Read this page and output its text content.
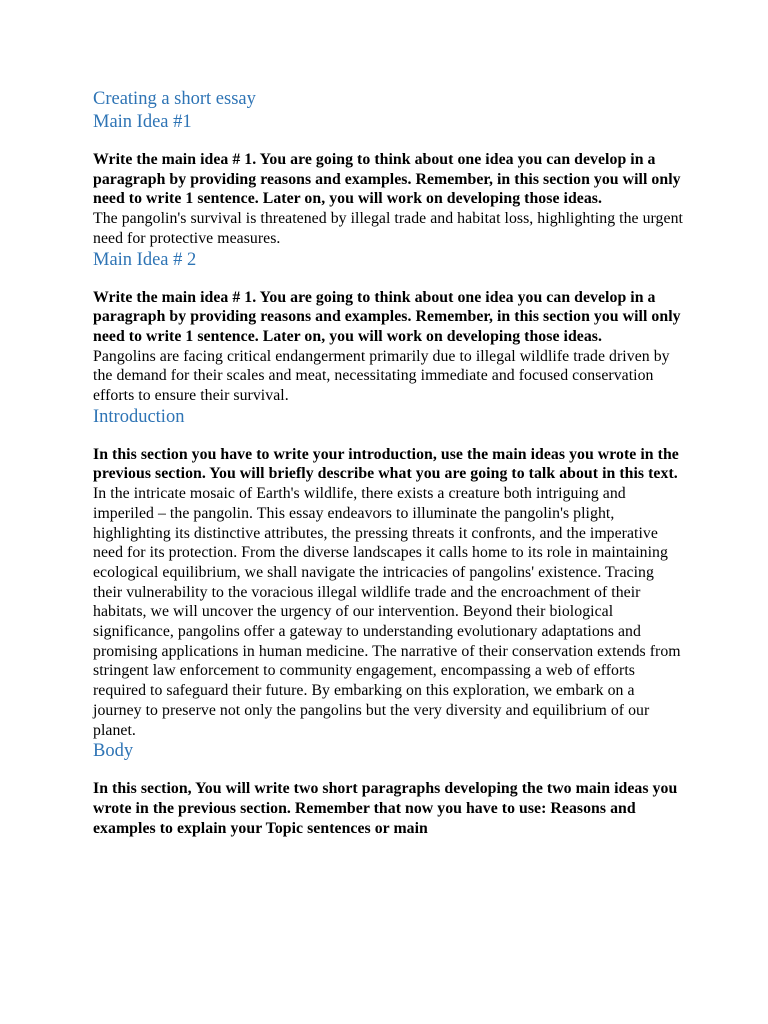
Creating a short essay
Main Idea #1

Write the main idea # 1. You are going to think about one idea you can develop in a paragraph by providing reasons and examples. Remember, in this section you will only need to write 1 sentence. Later on, you will work on developing those ideas.

The pangolin's survival is threatened by illegal trade and habitat loss, highlighting the urgent need for protective measures.

Main Idea # 2

Write the main idea # 1. You are going to think about one idea you can develop in a paragraph by providing reasons and examples. Remember, in this section you will only need to write 1 sentence. Later on, you will work on developing those ideas.

Pangolins are facing critical endangerment primarily due to illegal wildlife trade driven by the demand for their scales and meat, necessitating immediate and focused conservation efforts to ensure their survival.

Introduction

In this section you have to write your introduction, use the main ideas you wrote in the previous section. You will briefly describe what you are going to talk about in this text.

In the intricate mosaic of Earth's wildlife, there exists a creature both intriguing and imperiled – the pangolin. This essay endeavors to illuminate the pangolin's plight, highlighting its distinctive attributes, the pressing threats it confronts, and the imperative need for its protection. From the diverse landscapes it calls home to its role in maintaining ecological equilibrium, we shall navigate the intricacies of pangolins' existence. Tracing their vulnerability to the voracious illegal wildlife trade and the encroachment of their habitats, we will uncover the urgency of our intervention. Beyond their biological significance, pangolins offer a gateway to understanding evolutionary adaptations and promising applications in human medicine. The narrative of their conservation extends from stringent law enforcement to community engagement, encompassing a web of efforts required to safeguard their future. By embarking on this exploration, we embark on a journey to preserve not only the pangolins but the very diversity and equilibrium of our planet.

Body

In this section, You will write two short paragraphs developing the two main ideas you wrote in the previous section. Remember that now you have to use: Reasons and examples to explain your Topic sentences or main
